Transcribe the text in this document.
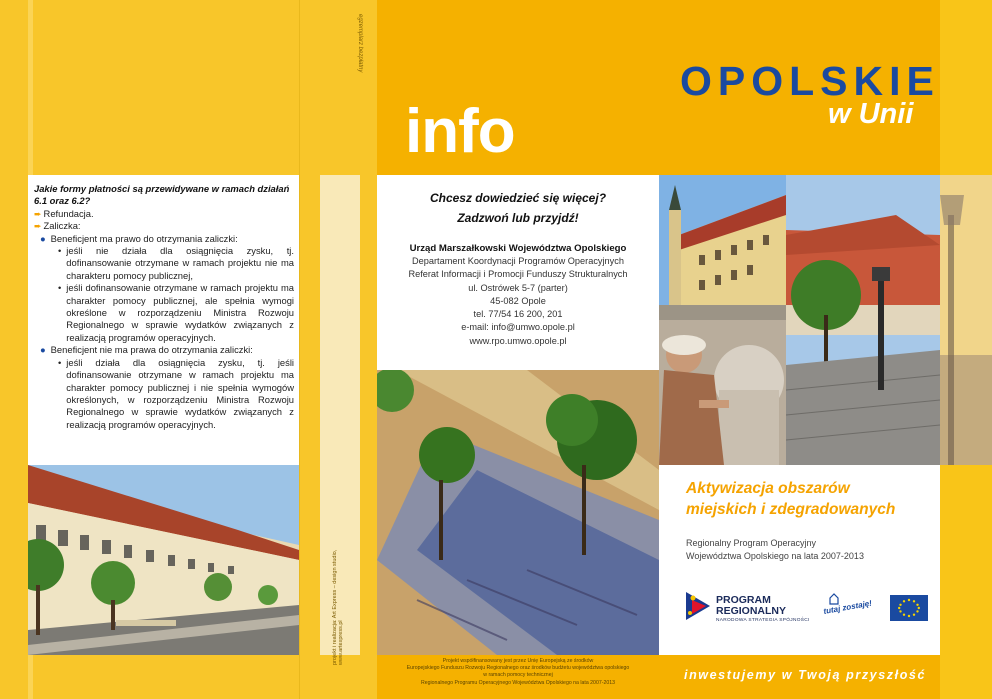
egzemplarz bezpłatny
projekt i realizacja: Art Express – design studio, www.artexpress.pl
OPOLSKIE
w Unii
info
Jakie formy płatności są przewidywane w ramach działań 6.1 oraz 6.2?
➨ Refundacja.
➨ Zaliczka:
● Beneficjent ma prawo do otrzymania zaliczki:
• jeśli nie działa dla osiągnięcia zysku, tj. dofinansowanie otrzymane w ramach projektu nie ma charakteru pomocy publicznej,
• jeśli dofinansowanie otrzymane w ramach projektu ma charakter pomocy publicznej, ale spełnia wymogi określone w rozporządzeniu Ministra Rozwoju Regionalnego w sprawie wydatków związanych z realizacją programów operacyjnych.
● Beneficjent nie ma prawa do otrzymania zaliczki:
• jeśli działa dla osiągnięcia zysku, tj. jeśli dofinansowanie otrzymane w ramach projektu ma charakter pomocy publicznej i nie spełnia wymogów określonych, w rozporządzeniu Ministra Rozwoju Regionalnego w sprawie wydatków związanych z realizacją programów operacyjnych.
Chcesz dowiedzieć się więcej?
Zadzwoń lub przyjdź!
Urząd Marszałkowski Województwa Opolskiego
Departament Koordynacji Programów Operacyjnych
Referat Informacji i Promocji Funduszy Strukturalnych
ul. Ostrówek 5-7 (parter)
45-082 Opole
tel. 77/54 16 200, 201
e-mail: info@umwo.opole.pl
www.rpo.umwo.opole.pl
Aktywizacja obszarów
miejskich i zdegradowanych
Regionalny Program Operacyjny
Województwa Opolskiego na lata 2007-2013
PROGRAM
REGIONALNY
NARODOWA STRATEGIA SPÓJNOŚCI
tutaj zostaję!
Projekt współfinansowany jest przez Unię Europejską ze środków
Europejskiego Funduszu Rozwoju Regionalnego oraz środków budżetu województwa opolskiego
w ramach pomocy technicznej
Regionalnego Programu Operacyjnego Województwa Opolskiego na lata 2007-2013
inwestujemy w Twoją przyszłość
